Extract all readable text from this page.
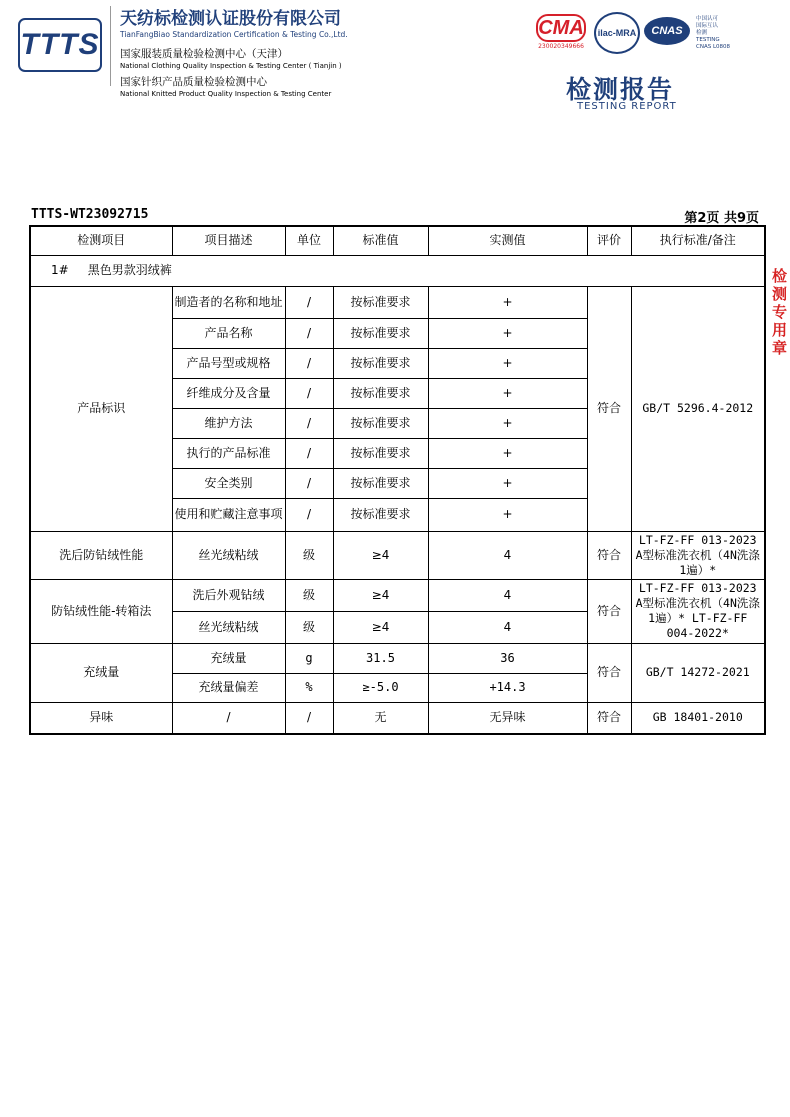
TTTS
天纺标检测认证股份有限公司
TianFangBiao Standardization Certification & Testing Co.,Ltd.
国家服装质量检验检测中心（天津）
National Clothing Quality Inspection & Testing Center ( Tianjin )
国家针织产品质量检验检测中心
National Knitted Product Quality Inspection & Testing Center
CMA
230020349666
ilac-MRA CNAS
中国认可
国际互认
检测
TESTING
CNAS L0808
检测报告
TESTING REPORT
TTTS-WT23092715	第2页 共9页
检测项目	项目描述	单位	标准值	实测值	评价	执行标准/备注
1# 黑色男款羽绒裤						
产品标识	制造者的名称和地址	/	按标准要求	+	符合	GB/T 5296.4-2012
	产品名称	/	按标准要求	+		
	产品号型或规格	/	按标准要求	+		
	纤维成分及含量	/	按标准要求	+		
	维护方法	/	按标准要求	+		
	执行的产品标准	/	按标准要求	+		
	安全类别	/	按标准要求	+		
	使用和贮藏注意事项	/	按标准要求	+		
洗后防钻绒性能	丝光绒粘绒	级	≥4	4	符合	LT-FZ-FF 013-2023 A型标准洗衣机（4N洗涤1遍）*
防钻绒性能-转箱法	洗后外观钻绒	级	≥4	4	符合	LT-FZ-FF 013-2023 A型标准洗衣机（4N洗涤1遍）* LT-FZ-FF 004-2022*
	丝光绒粘绒	级	≥4	4		
充绒量	充绒量	g	31.5	36	符合	GB/T 14272-2021
	充绒量偏差	%	≥-5.0	+14.3		
异味	/	/	无	无异味	符合	GB 18401-2010
检测专用章
